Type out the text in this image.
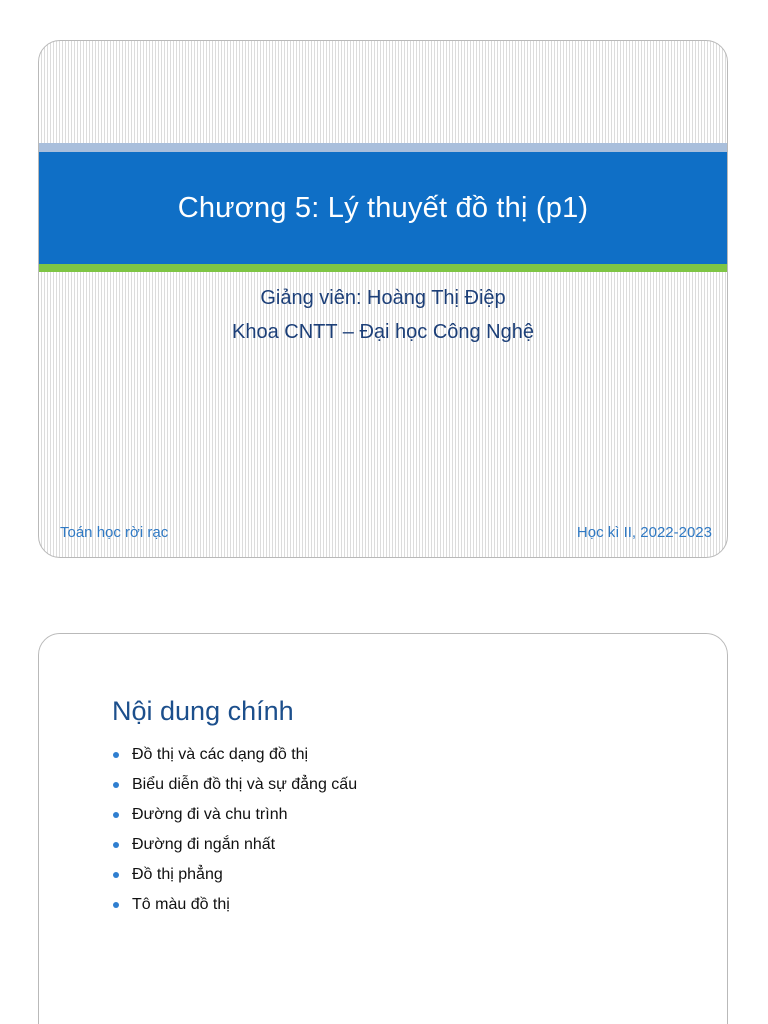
Chương 5: Lý thuyết đồ thị (p1)
Giảng viên: Hoàng Thị Điệp
Khoa CNTT – Đại học Công Nghệ
Toán học rời rạc	Học kì II, 2022-2023
Nội dung chính
Đồ thị và các dạng đồ thị
Biểu diễn đồ thị và sự đẳng cấu
Đường đi và chu trình
Đường đi ngắn nhất
Đồ thị phẳng
Tô màu đồ thị
